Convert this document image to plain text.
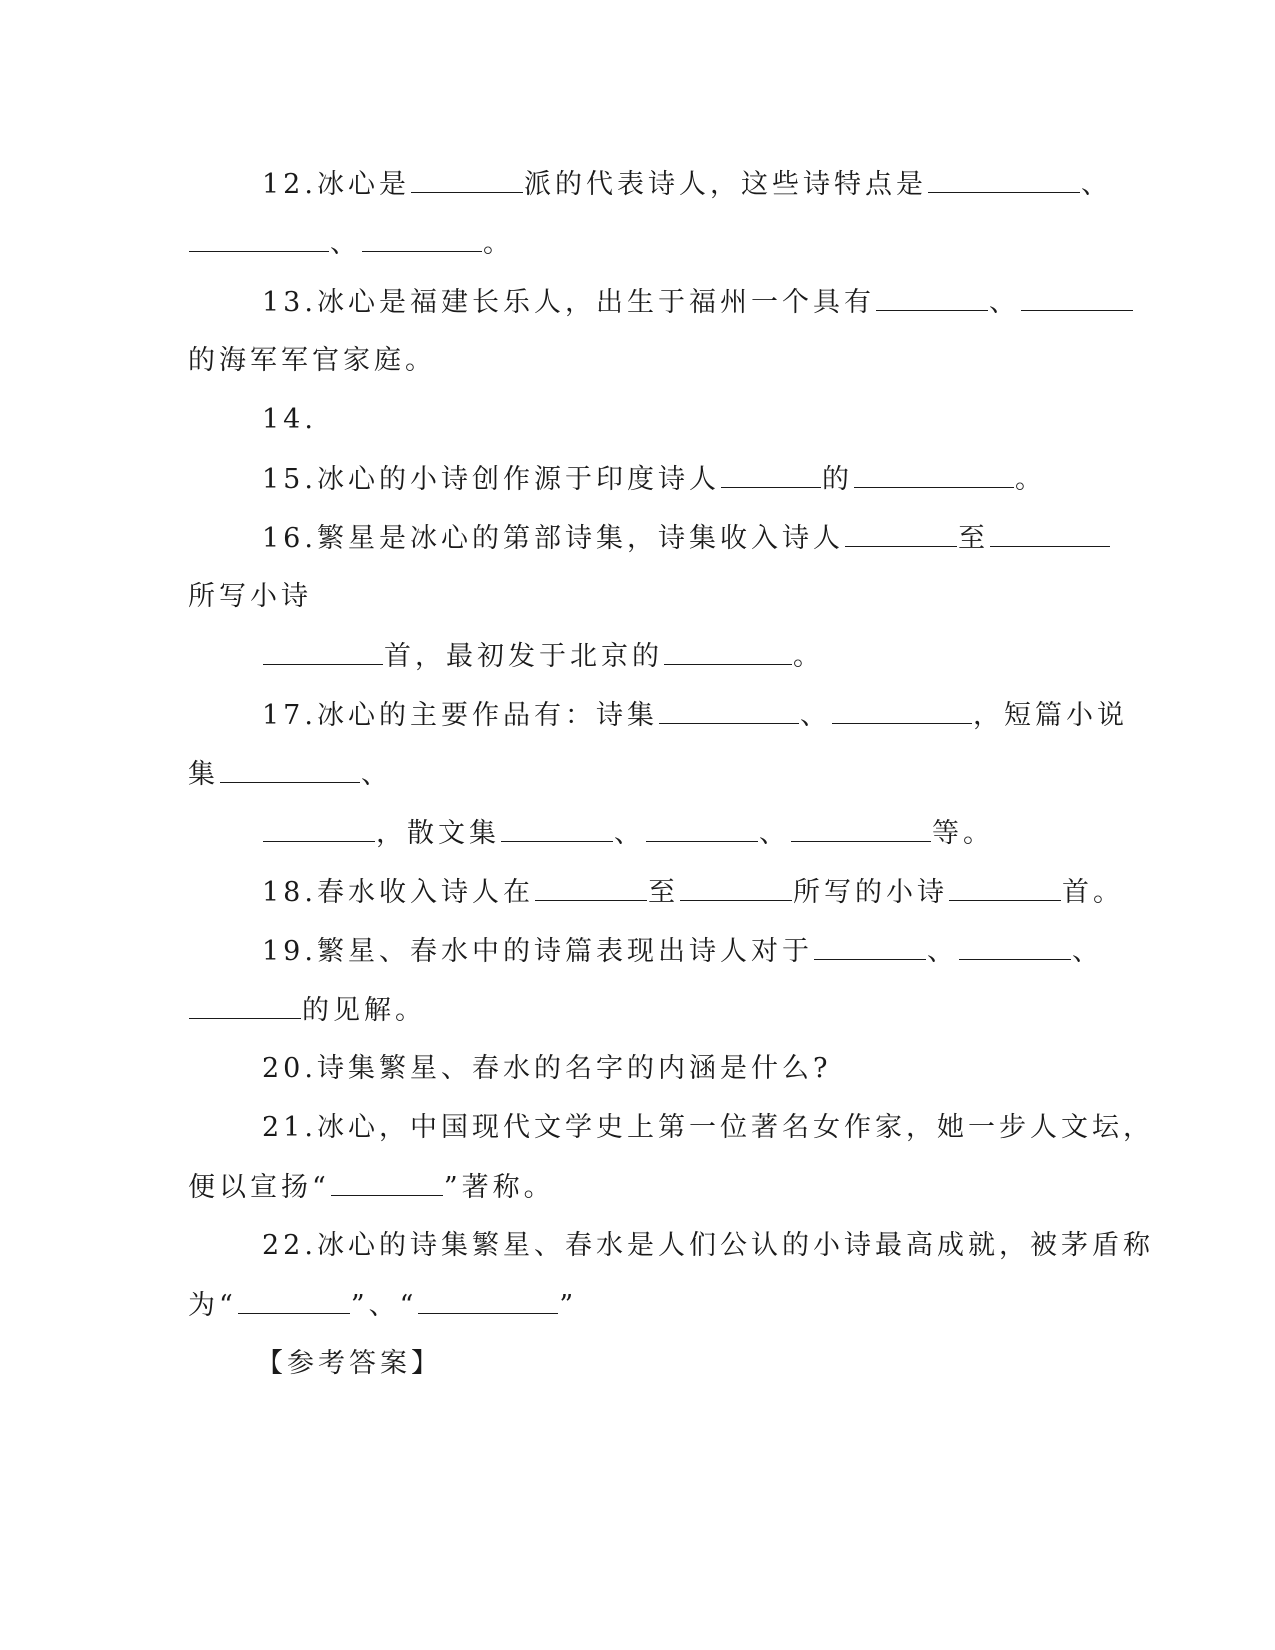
12.冰心是	派的代表诗人，这些诗特点是	、
、	。
13.冰心是福建长乐人，出生于福州一个具有	、
的海军军官家庭。
14.
15.冰心的小诗创作源于印度诗人	的	。
16.繁星是冰心的第部诗集，诗集收入诗人	至
所写小诗
首，最初发于北京的	。
17.冰心的主要作品有：诗集	、	，短篇小说
集	、
，散文集	、	、	等。
18.春水收入诗人在	至	所写的小诗	首。
19.繁星、春水中的诗篇表现出诗人对于	、	、
的见解。
20.诗集繁星、春水的名字的内涵是什么?
21.冰心，中国现代文学史上第一位著名女作家，她一步人文坛，
便以宣扬“	”著称。
22.冰心的诗集繁星、春水是人们公认的小诗最高成就，被茅盾称
为“	”、“	”
【参考答案】
